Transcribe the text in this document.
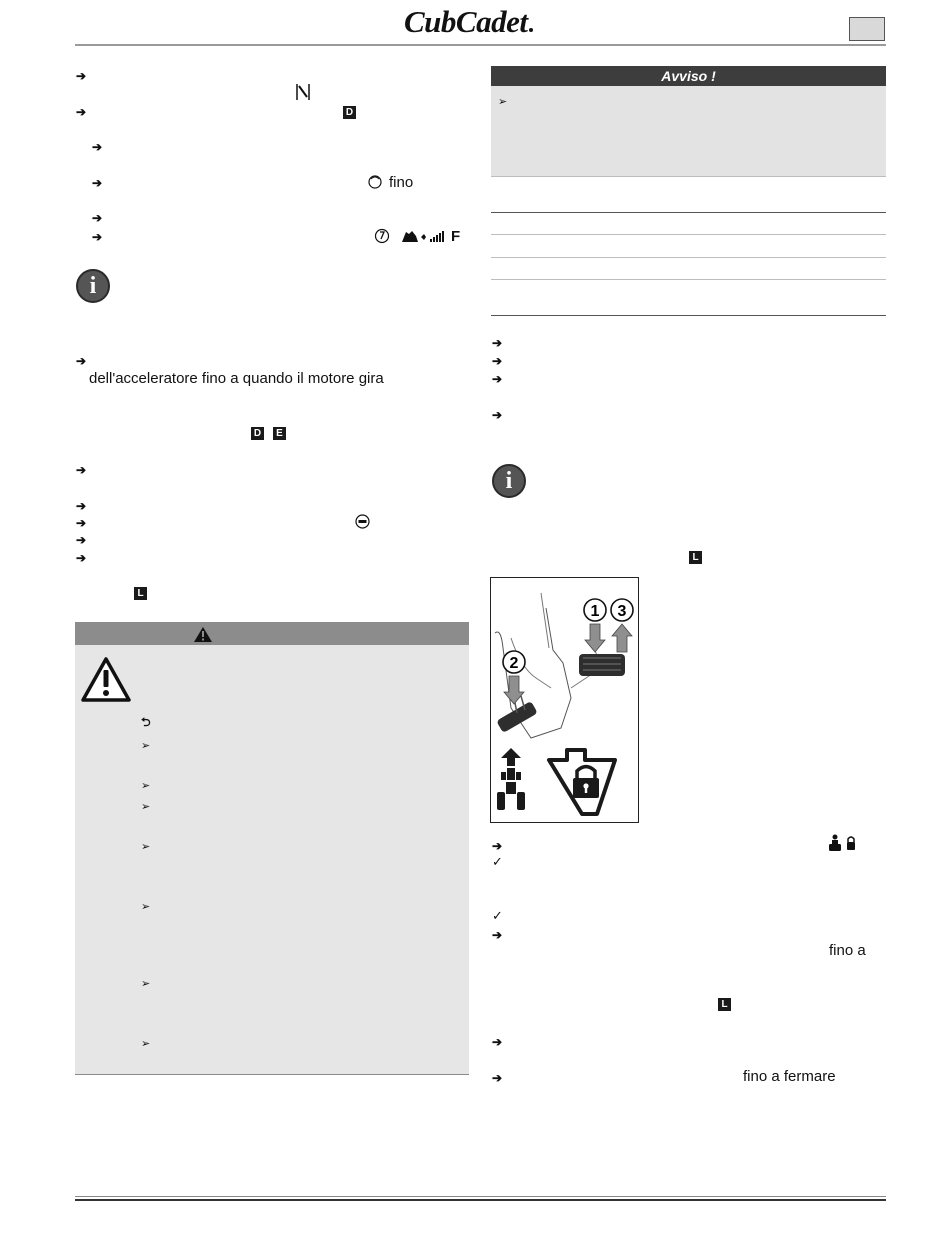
CubCadet
➔
➔	D
➔
➔	fino
➔
➔	F
i
➔
dell'acceleratore fino a quando il motore gira
D	E
➔
➔
➔
➔
➔
L
⮌
➢
➢
➢
➢
➢
➢
➢
Avviso !
➢
➔
➔
➔
➔
i
L
1 3
2
➔
✓
✓
➔
fino a
L
➔
➔	fino a fermare
